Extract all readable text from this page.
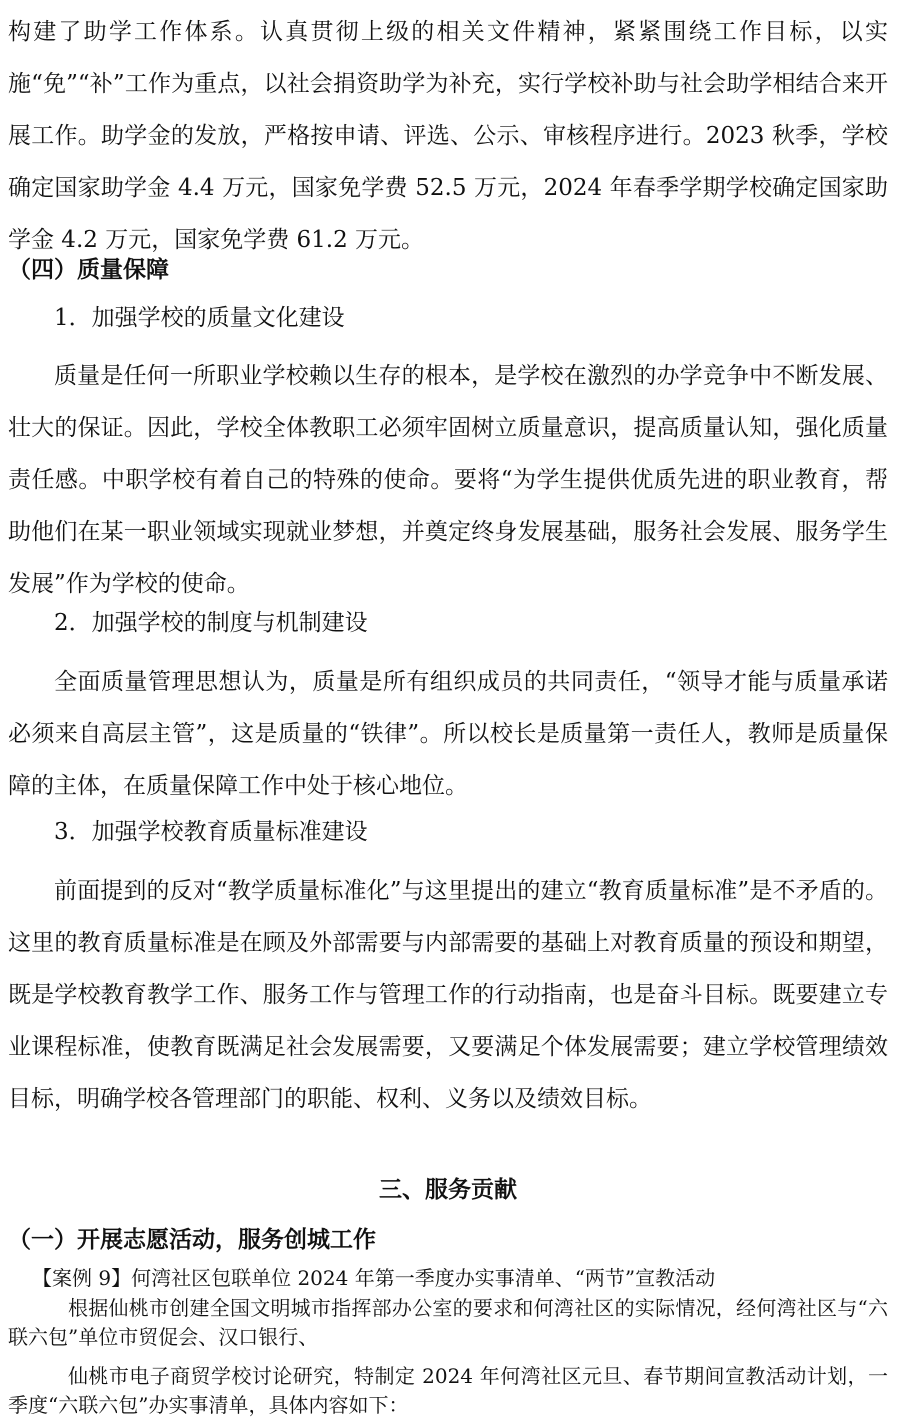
构建了助学工作体系。认真贯彻上级的相关文件精神，紧紧围绕工作目标，以实施“免”“补”工作为重点，以社会捐资助学为补充，实行学校补助与社会助学相结合来开展工作。助学金的发放，严格按申请、评选、公示、审核程序进行。2023 秋季，学校确定国家助学金 4.4 万元，国家免学费 52.5 万元，2024 年春季学期学校确定国家助学金 4.2 万元，国家免学费 61.2 万元。

（四）质量保障
1．加强学校的质量文化建设

质量是任何一所职业学校赖以生存的根本，是学校在激烈的办学竞争中不断发展、壮大的保证。因此，学校全体教职工必须牢固树立质量意识，提高质量认知，强化质量责任感。中职学校有着自己的特殊的使命。要将“为学生提供优质先进的职业教育，帮助他们在某一职业领域实现就业梦想，并奠定终身发展基础，服务社会发展、服务学生发展”作为学校的使命。

2．加强学校的制度与机制建设

全面质量管理思想认为，质量是所有组织成员的共同责任，“领导才能与质量承诺必须来自高层主管”，这是质量的“铁律”。所以校长是质量第一责任人，教师是质量保障的主体，在质量保障工作中处于核心地位。

3．加强学校教育质量标准建设

前面提到的反对“教学质量标准化”与这里提出的建立“教育质量标准”是不矛盾的。这里的教育质量标准是在顾及外部需要与内部需要的基础上对教育质量的预设和期望，既是学校教育教学工作、服务工作与管理工作的行动指南，也是奋斗目标。既要建立专业课程标准，使教育既满足社会发展需要，又要满足个体发展需要；建立学校管理绩效目标，明确学校各管理部门的职能、权利、义务以及绩效目标。

三、服务贡献
（一）开展志愿活动，服务创城工作

【案例 9】何湾社区包联单位 2024 年第一季度办实事清单、“两节”宣教活动

根据仙桃市创建全国文明城市指挥部办公室的要求和何湾社区的实际情况，经何湾社区与“六联六包”单位市贸促会、汉口银行、

仙桃市电子商贸学校讨论研究，特制定 2024 年何湾社区元旦、春节期间宣教活动计划，一季度“六联六包”办实事清单，具体内容如下：
